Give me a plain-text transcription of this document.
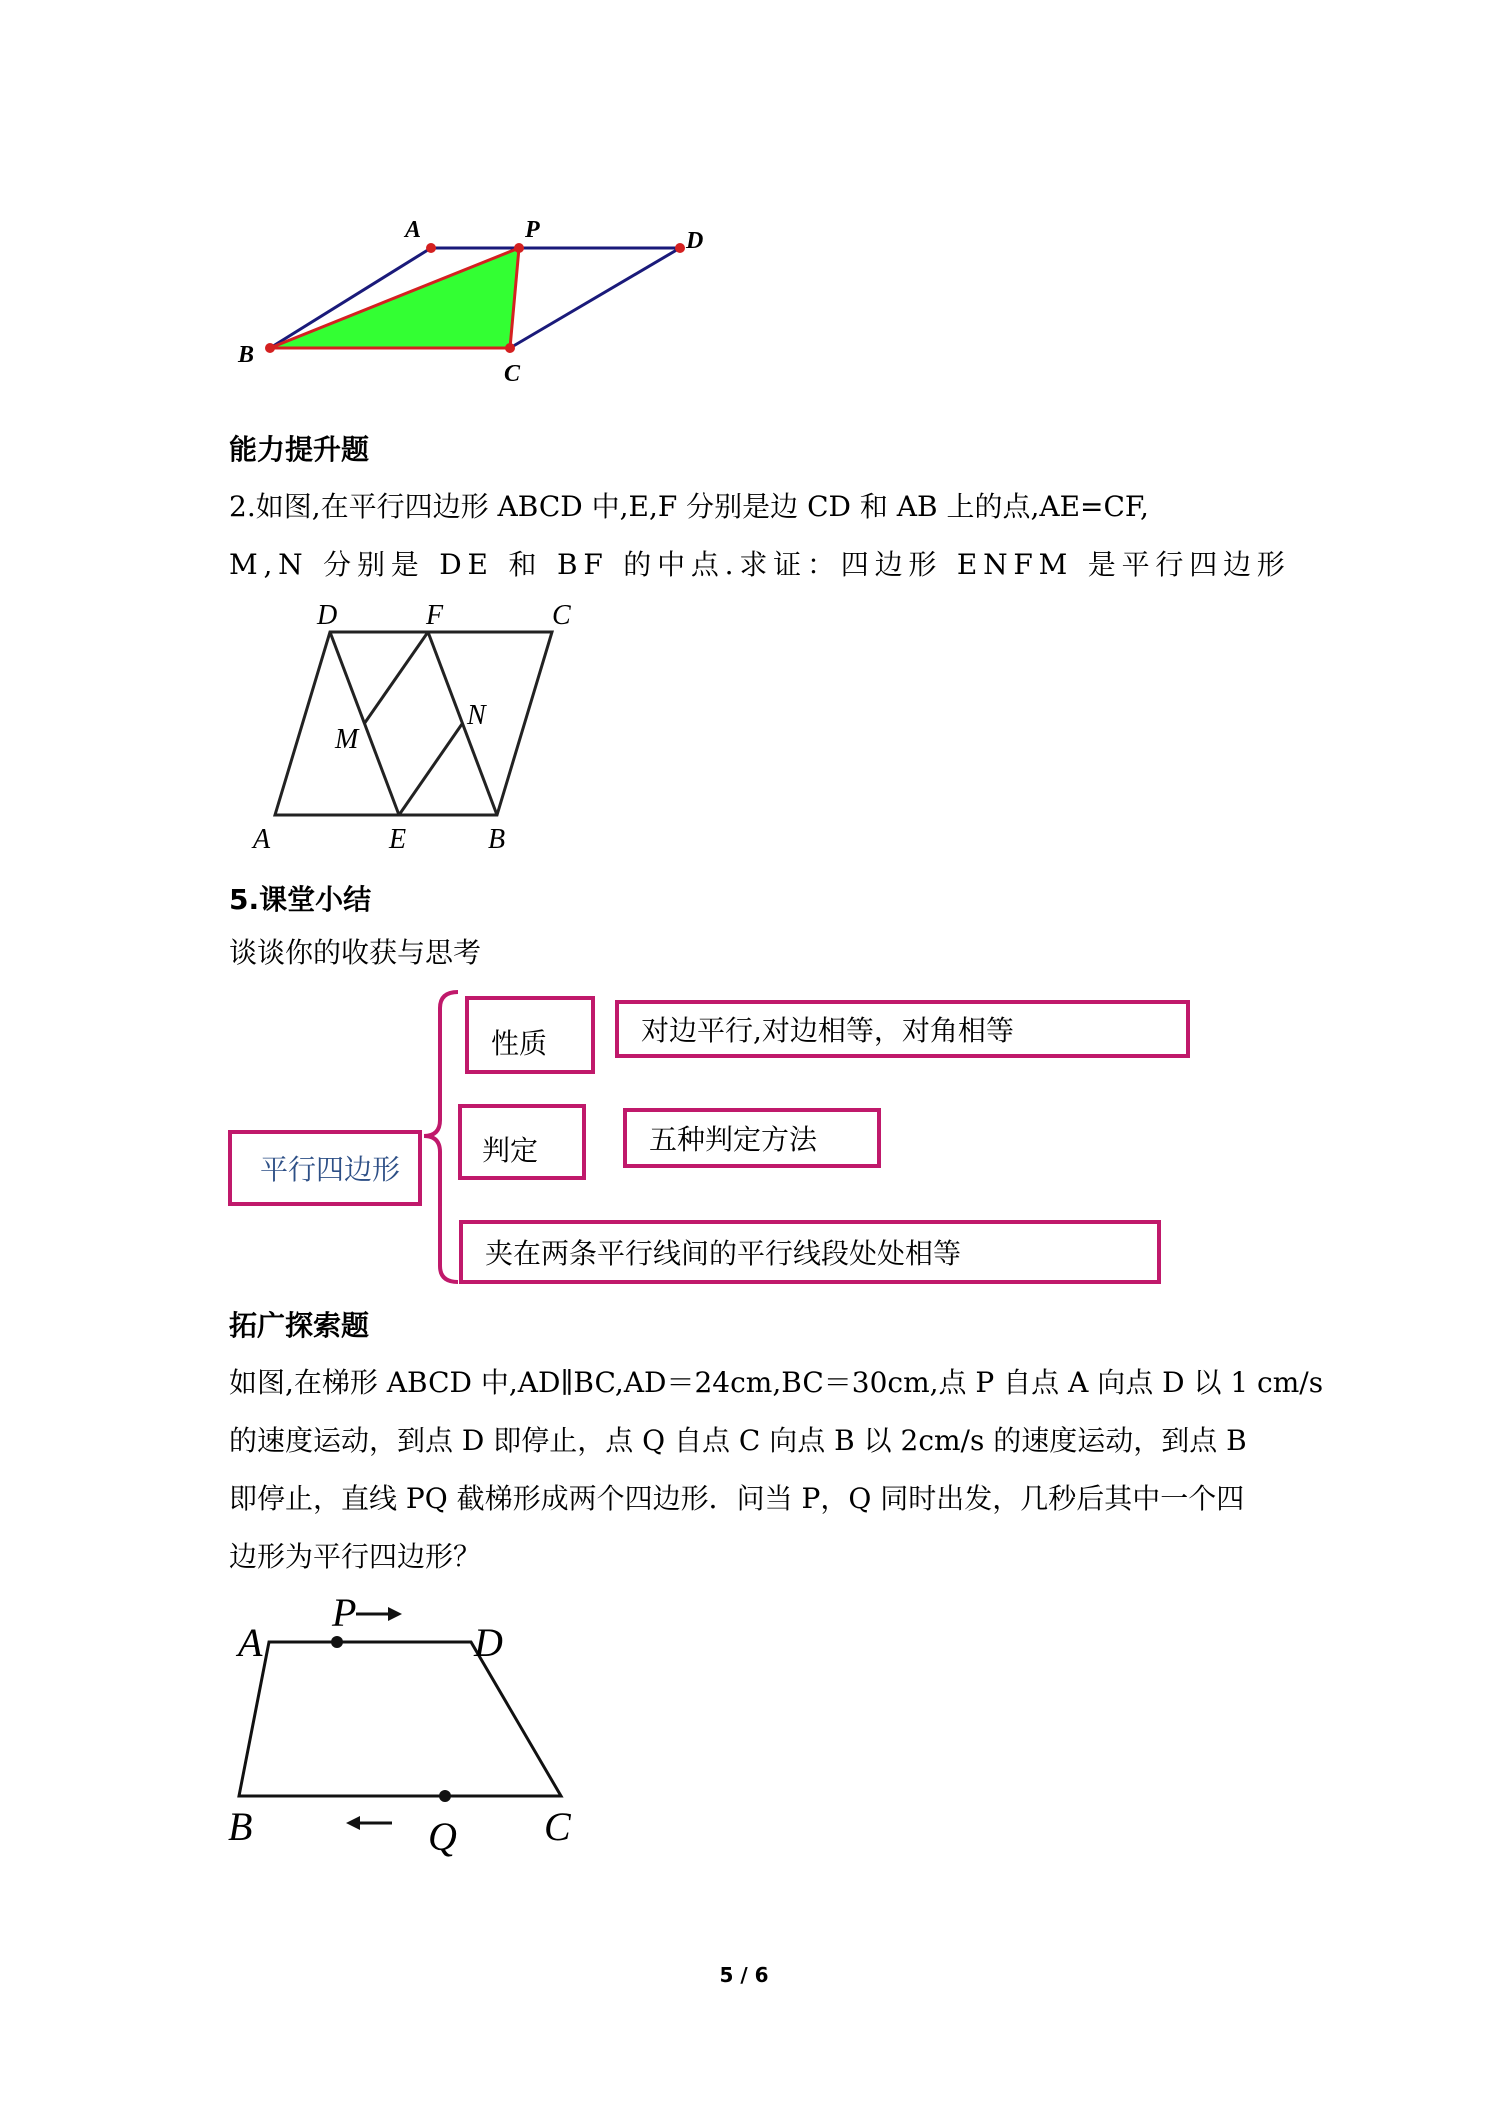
A	P	D
B
C
能力提升题
2.如图,在平行四边形 ABCD 中,E,F 分别是边 CD 和 AB 上的点,AE=CF,
M,N 分别是 DE 和 BF 的中点.求证：四边形 ENFM 是平行四边形
D	F	C
M
N
A	E	B
5.课堂小结
谈谈你的收获与思考
平行四边形
性质	对边平行,对边相等，对角相等
判定	五种判定方法
夹在两条平行线间的平行线段处处相等
拓广探索题
如图,在梯形 ABCD 中,AD∥BC,AD＝24cm,BC＝30cm,点 P 自点 A 向点 D 以 1 cm/s
的速度运动，到点 D 即停止，点 Q 自点 C 向点 B 以 2cm/s 的速度运动，到点 B
即停止，直线 PQ 截梯形成两个四边形．问当 P，Q 同时出发，几秒后其中一个四
边形为平行四边形？
A
P
D
B	Q C
5 / 6
